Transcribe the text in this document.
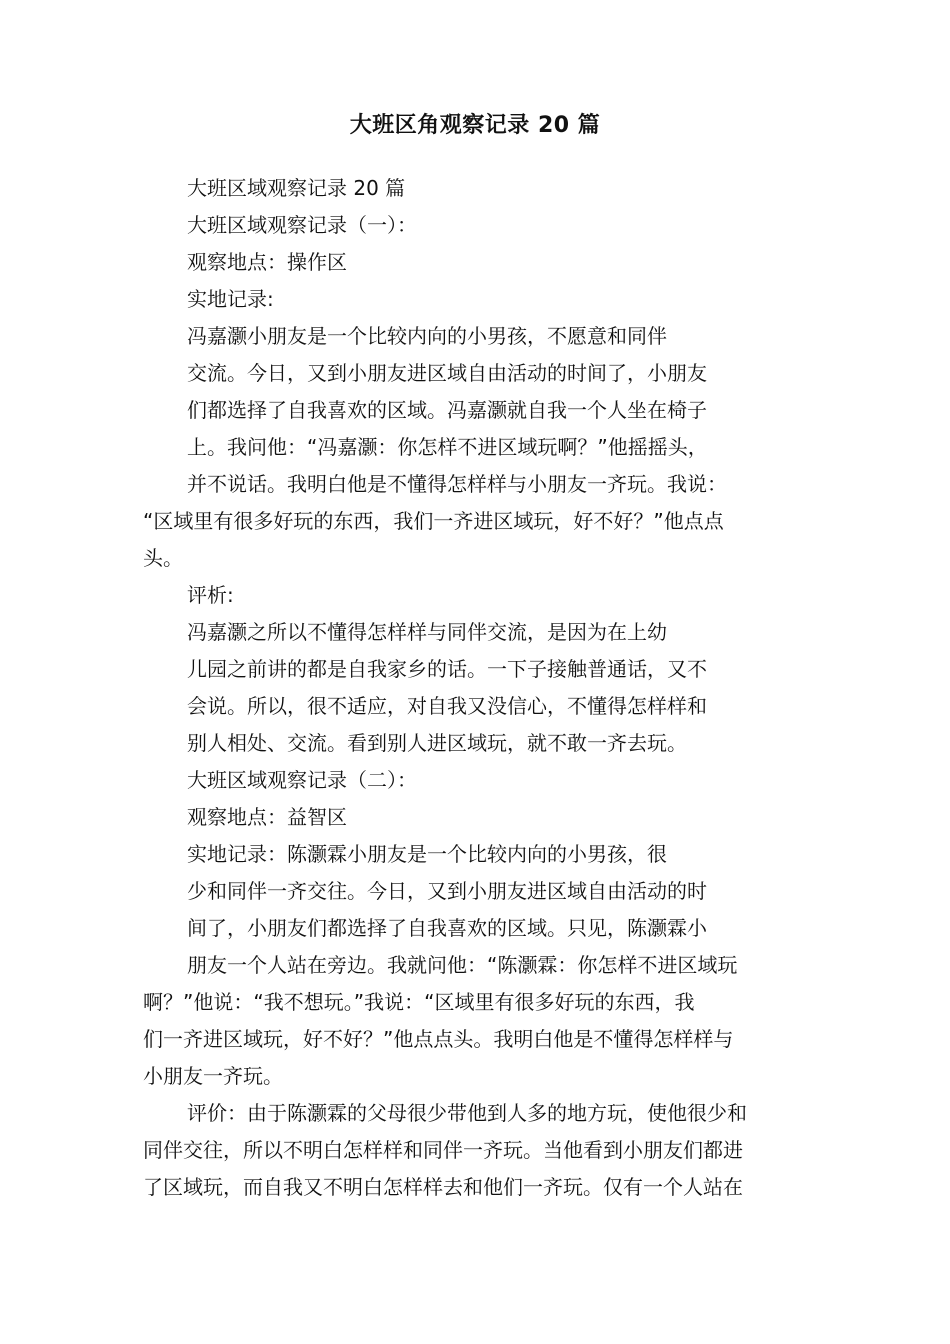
大班区角观察记录 20 篇
大班区域观察记录 20 篇
大班区域观察记录（一）：
观察地点：操作区
实地记录:
冯嘉灏小朋友是一个比较内向的小男孩，不愿意和同伴
交流。今日，又到小朋友进区域自由活动的时间了，小朋友
们都选择了自我喜欢的区域。冯嘉灏就自我一个人坐在椅子
上。我问他：“冯嘉灏：你怎样不进区域玩啊？”他摇摇头，
并不说话。我明白他是不懂得怎样样与小朋友一齐玩。我说：
“区域里有很多好玩的东西，我们一齐进区域玩，好不好？”他点点
头。
评析:
冯嘉灏之所以不懂得怎样样与同伴交流，是因为在上幼
儿园之前讲的都是自我家乡的话。一下子接触普通话，又不
会说。所以，很不适应，对自我又没信心，不懂得怎样样和
别人相处、交流。看到别人进区域玩，就不敢一齐去玩。
大班区域观察记录（二）：
观察地点：益智区
实地记录：陈灏霖小朋友是一个比较内向的小男孩，很
少和同伴一齐交往。今日，又到小朋友进区域自由活动的时
间了，小朋友们都选择了自我喜欢的区域。只见，陈灏霖小
朋友一个人站在旁边。我就问他：“陈灏霖：你怎样不进区域玩
啊？”他说：“我不想玩。”我说：“区域里有很多好玩的东西，我
们一齐进区域玩，好不好？”他点点头。我明白他是不懂得怎样样与
小朋友一齐玩。
评价：由于陈灏霖的父母很少带他到人多的地方玩，使他很少和
同伴交往，所以不明白怎样样和同伴一齐玩。当他看到小朋友们都进
了区域玩，而自我又不明白怎样样去和他们一齐玩。仅有一个人站在
